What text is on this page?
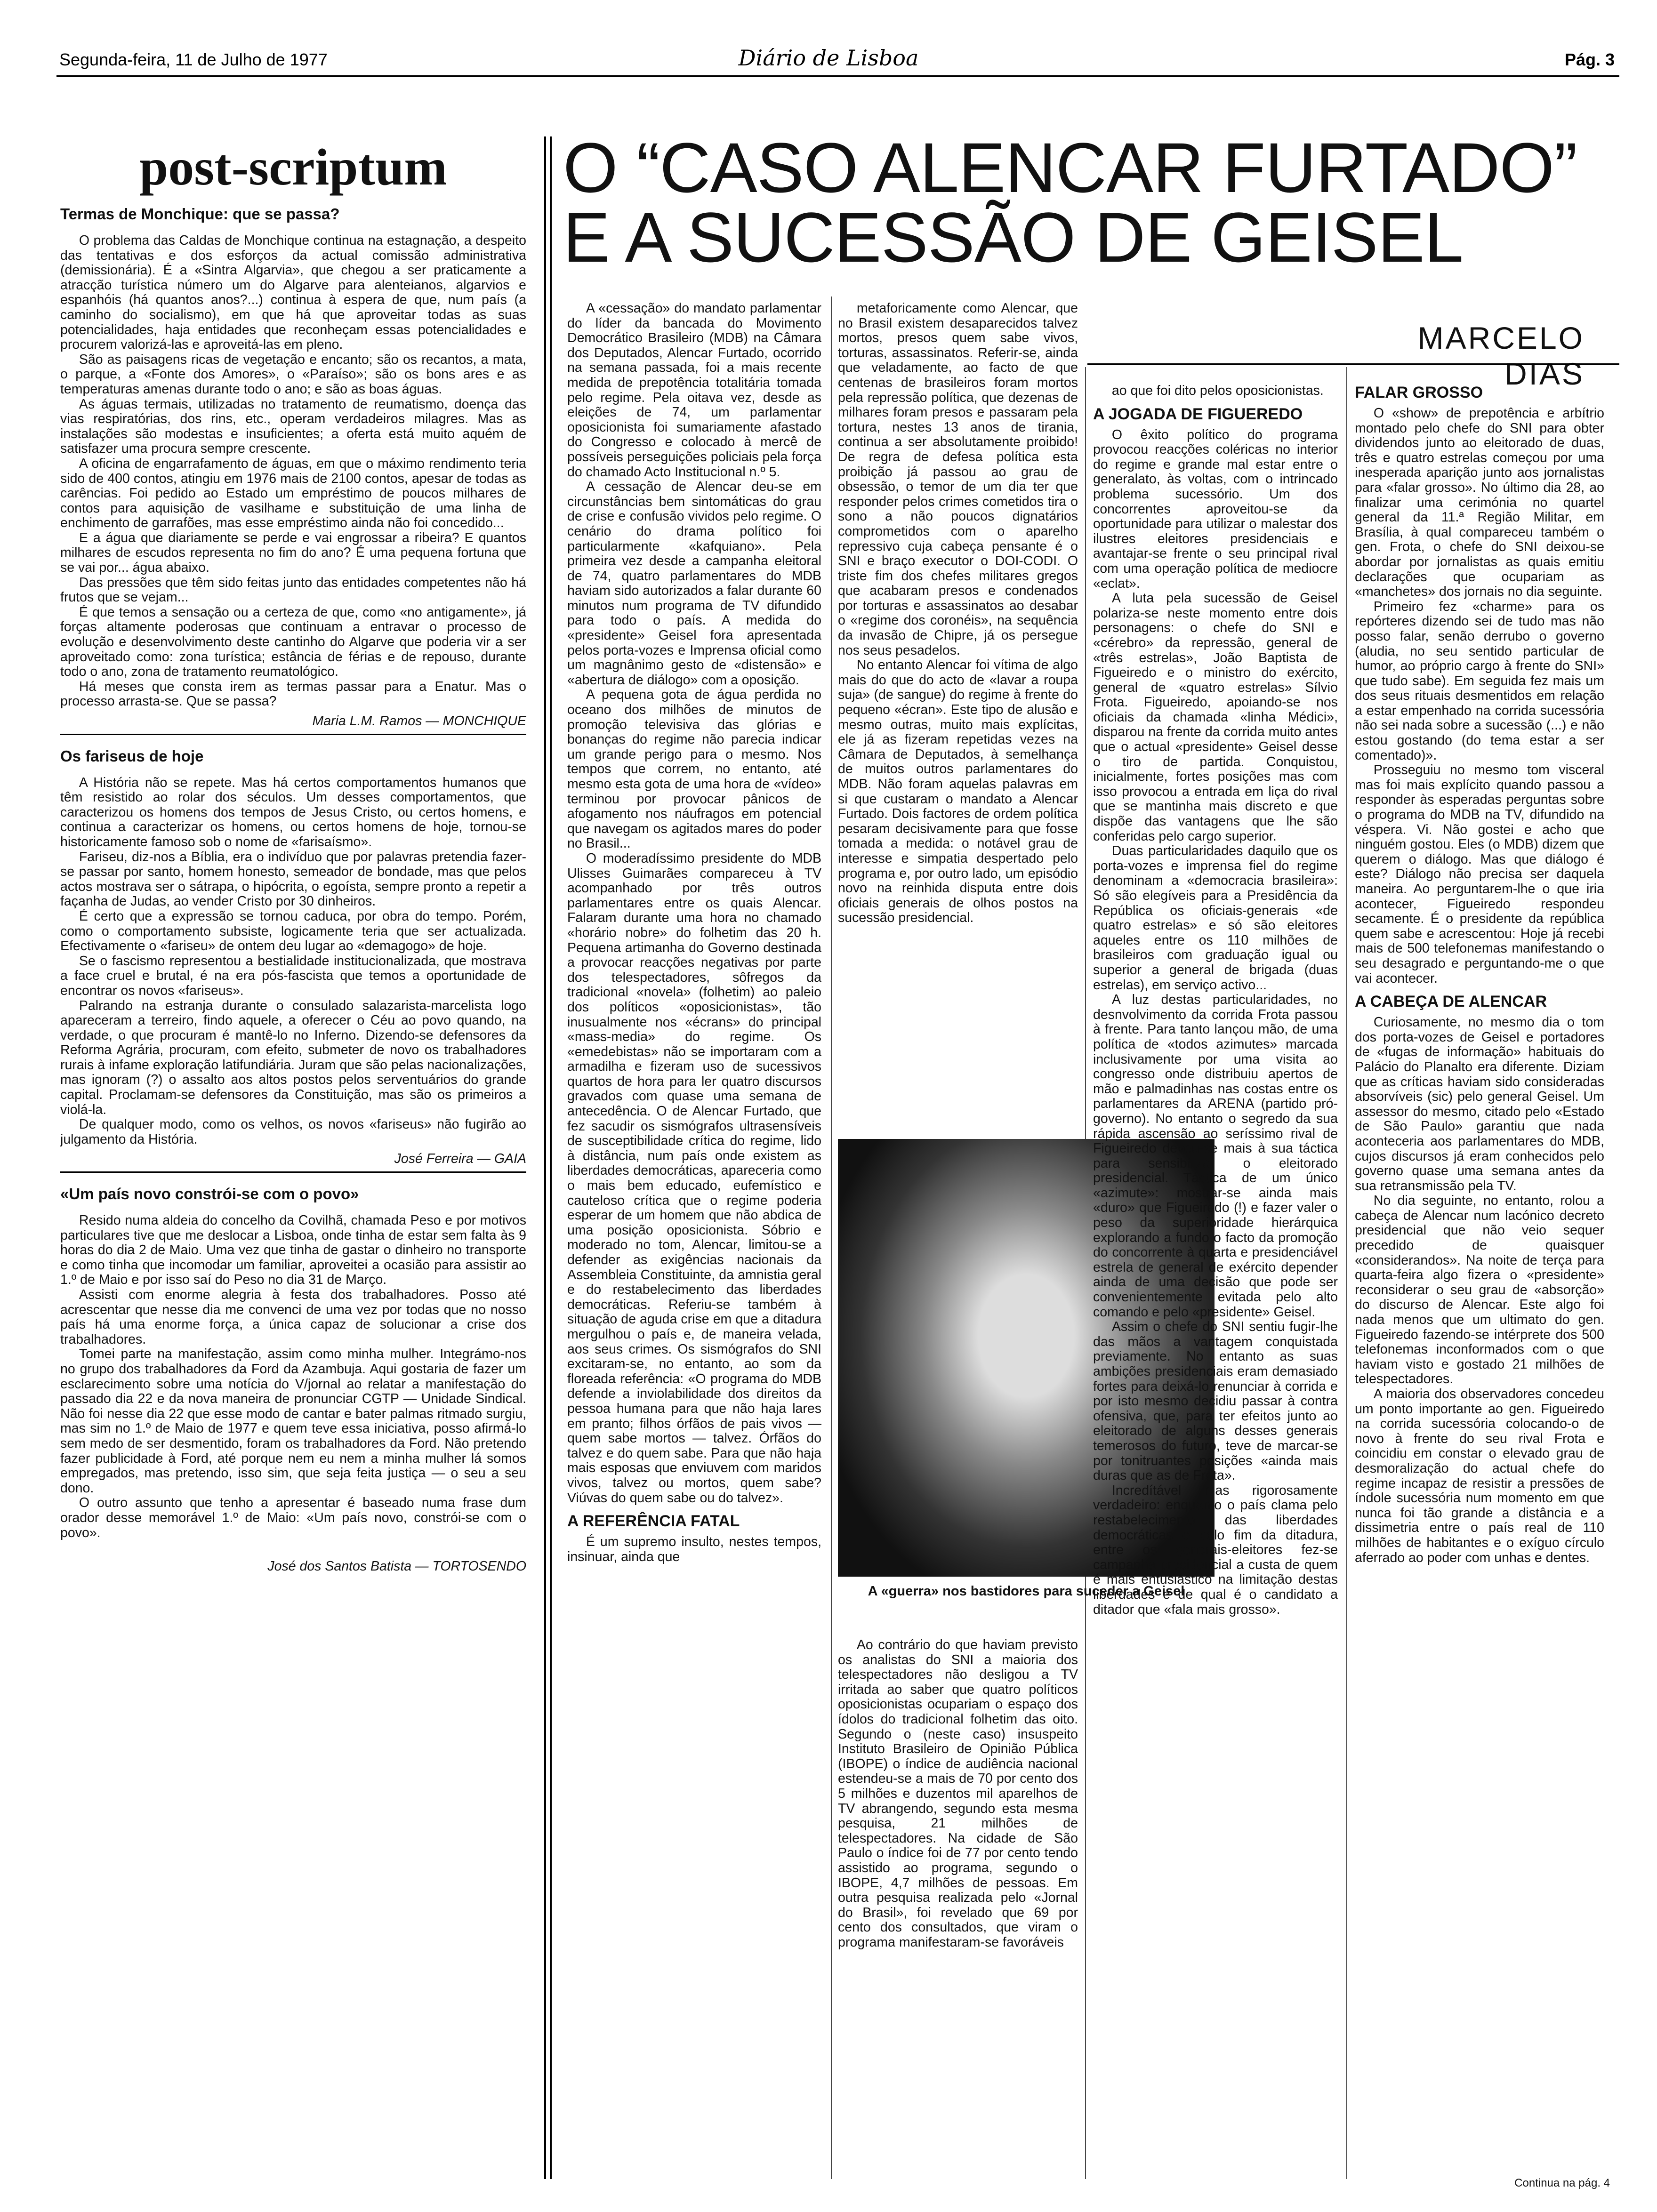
Segunda-feira, 11 de Julho de 1977	Diário de Lisboa	Pág. 3
post-scriptum
Termas de Monchique: que se passa?

O problema das Caldas de Monchique continua na estagnação, a despeito das tentativas e dos esforços da actual comissão administrativa (demissionária). É a «Sintra Algarvia», que chegou a ser praticamente a atracção turística número um do Algarve para alenteianos, algarvios e espanhóis (há quantos anos?...) continua à espera de que, num país (a caminho do socialismo), em que há que aproveitar todas as suas potencialidades, haja entidades que reconheçam essas potencialidades e procurem valorizá-las e aproveitá-las em pleno.

São as paisagens ricas de vegetação e encanto; são os recantos, a mata, o parque, a «Fonte dos Amores», o «Paraíso»; são os bons ares e as temperaturas amenas durante todo o ano; e são as boas águas.

As águas termais, utilizadas no tratamento de reumatismo, doença das vias respiratórias, dos rins, etc., operam verdadeiros milagres. Mas as instalações são modestas e insuficientes; a oferta está muito aquém de satisfazer uma procura sempre crescente.

A oficina de engarrafamento de águas, em que o máximo rendimento teria sido de 400 contos, atingiu em 1976 mais de 2100 contos, apesar de todas as carências. Foi pedido ao Estado um empréstimo de poucos milhares de contos para aquisição de vasilhame e substituição de uma linha de enchimento de garrafões, mas esse empréstimo ainda não foi concedido...

E a água que diariamente se perde e vai engrossar a ribeira? E quantos milhares de escudos representa no fim do ano? É uma pequena fortuna que se vai por... água abaixo.

Das pressões que têm sido feitas junto das entidades competentes não há frutos que se vejam...

É que temos a sensação ou a certeza de que, como «no antigamente», já forças altamente poderosas que continuam a entravar o processo de evolução e desenvolvimento deste cantinho do Algarve que poderia vir a ser aproveitado como: zona turística; estância de férias e de repouso, durante todo o ano, zona de tratamento reumatológico.

Há meses que consta irem as termas passar para a Enatur. Mas o processo arrasta-se. Que se passa?

Maria L.M. Ramos — MONCHIQUE
Os fariseus de hoje

A História não se repete. Mas há certos comportamentos humanos que têm resistido ao rolar dos séculos. Um desses comportamentos, que caracterizou os homens dos tempos de Jesus Cristo, ou certos homens, e continua a caracterizar os homens, ou certos homens de hoje, tornou-se historicamente famoso sob o nome de «farisaísmo».

Fariseu, diz-nos a Bíblia, era o indivíduo que por palavras pretendia fazer-se passar por santo, homem honesto, semeador de bondade, mas que pelos actos mostrava ser o sátrapa, o hipócrita, o egoísta, sempre pronto a repetir a façanha de Judas, ao vender Cristo por 30 dinheiros.

É certo que a expressão se tornou caduca, por obra do tempo. Porém, como o comportamento subsiste, logicamente teria que ser actualizada. Efectivamente o «fariseu» de ontem deu lugar ao «demagogo» de hoje.

Se o fascismo representou a bestialidade institucionalizada, que mostrava a face cruel e brutal, é na era pós-fascista que temos a oportunidade de encontrar os novos «fariseus».

Palrando na estranja durante o consulado salazarista-marcelista logo apareceram a terreiro, findo aquele, a oferecer o Céu ao povo quando, na verdade, o que procuram é mantê-lo no Inferno. Dizendo-se defensores da Reforma Agrária, procuram, com efeito, submeter de novo os trabalhadores rurais à infame exploração latifundiária. Juram que são pelas nacionalizações, mas ignoram (?) o assalto aos altos postos pelos serventuários do grande capital. Proclamam-se defensores da Constituição, mas são os primeiros a violá-la.

De qualquer modo, como os velhos, os novos «fariseus» não fugirão ao julgamento da História.

José Ferreira — GAIA
«Um país novo constrói-se com o povo»

Resido numa aldeia do concelho da Covilhã, chamada Peso e por motivos particulares tive que me deslocar a Lisboa, onde tinha de estar sem falta às 9 horas do dia 2 de Maio. Uma vez que tinha de gastar o dinheiro no transporte e como tinha que incomodar um familiar, aproveitei a ocasião para assistir ao 1.º de Maio e por isso saí do Peso no dia 31 de Março.

Assisti com enorme alegria à festa dos trabalhadores. Posso até acrescentar que nesse dia me convenci de uma vez por todas que no nosso país há uma enorme força, a única capaz de solucionar a crise dos trabalhadores.

Tomei parte na manifestação, assim como minha mulher. Integrámo-nos no grupo dos trabalhadores da Ford da Azambuja. Aqui gostaria de fazer um esclarecimento sobre uma notícia do V/jornal ao relatar a manifestação do passado dia 22 e da nova maneira de pronunciar CGTP — Unidade Sindical. Não foi nesse dia 22 que esse modo de cantar e bater palmas ritmado surgiu, mas sim no 1.º de Maio de 1977 e quem teve essa iniciativa, posso afirmá-lo sem medo de ser desmentido, foram os trabalhadores da Ford. Não pretendo fazer publicidade à Ford, até porque nem eu nem a minha mulher lá somos empregados, mas pretendo, isso sim, que seja feita justiça — o seu a seu dono.

O outro assunto que tenho a apresentar é baseado numa frase dum orador desse memorável 1.º de Maio: «Um país novo, constrói-se com o povo».

José dos Santos Batista — TORTOSENDO
O “CASO ALENCAR FURTADO”
E A SUCESSÃO DE GEISEL
MARCELO DIAS

A «cessação» do mandato parlamentar do líder da bancada do Movimento Democrático Brasileiro (MDB) na Câmara dos Deputados, Alencar Furtado, ocorrido na semana passada, foi a mais recente medida de prepotência totalitária tomada pelo regime. Pela oitava vez, desde as eleições de 74, um parlamentar oposicionista foi sumariamente afastado do Congresso e colocado à mercê de possíveis perseguições policiais pela força do chamado Acto Institucional n.º 5.

A cessação de Alencar deu-se em circunstâncias bem sintomáticas do grau de crise e confusão vividos pelo regime. O cenário do drama político foi particularmente «kafquiano». Pela primeira vez desde a campanha eleitoral de 74, quatro parlamentares do MDB haviam sido autorizados a falar durante 60 minutos num programa de TV difundido para todo o país. A medida do «presidente» Geisel fora apresentada pelos porta-vozes e Imprensa oficial como um magnânimo gesto de «distensão» e «abertura de diálogo» com a oposição.

A pequena gota de água perdida no oceano dos milhões de minutos de promoção televisiva das glórias e bonanças do regime não parecia indicar um grande perigo para o mesmo. Nos tempos que correm, no entanto, até mesmo esta gota de uma hora de «vídeo» terminou por provocar pânicos de afogamento nos náufragos em potencial que navegam os agitados mares do poder no Brasil...

O moderadíssimo presidente do MDB Ulisses Guimarães compareceu à TV acompanhado por três outros parlamentares entre os quais Alencar. Falaram durante uma hora no chamado «horário nobre» do folhetim das 20 h. Pequena artimanha do Governo destinada a provocar reacções negativas por parte dos telespectadores, sôfregos da tradicional «novela» (folhetim) ao paleio dos políticos «oposicionistas», tão inusualmente nos «écrans» do principal «mass-media» do regime. Os «emedebistas» não se importaram com a armadilha e fizeram uso de sucessivos quartos de hora para ler quatro discursos gravados com quase uma semana de antecedência. O de Alencar Furtado, que fez sacudir os sismógrafos ultrasensíveis de susceptibilidade crítica do regime, lido à distância, num país onde existem as liberdades democráticas, apareceria como o mais bem educado, eufemístico e cauteloso crítica que o regime poderia esperar de um homem que não abdica de uma posição oposicionista. Sóbrio e moderado no tom, Alencar, limitou-se a defender as exigências nacionais da Assembleia Constituinte, da amnistia geral e do restabelecimento das liberdades democráticas. Referiu-se também à situação de aguda crise em que a ditadura mergulhou o país e, de maneira velada, aos seus crimes. Os sismógrafos do SNI excitaram-se, no entanto, ao som da floreada referência: «O programa do MDB defende a inviolabilidade dos direitos da pessoa humana para que não haja lares em pranto; filhos órfãos de pais vivos — quem sabe mortos — talvez. Órfãos do talvez e do quem sabe. Para que não haja mais esposas que enviuvem com maridos vivos, talvez ou mortos, quem sabe? Viúvas do quem sabe ou do talvez».

A REFERÊNCIA FATAL

É um supremo insulto, nestes tempos, insinuar, ainda que

metaforicamente como Alencar, que no Brasil existem desaparecidos talvez mortos, presos quem sabe vivos, torturas, assassinatos. Referir-se, ainda que veladamente, ao facto de que centenas de brasileiros foram mortos pela repressão política, que dezenas de milhares foram presos e passaram pela tortura, nestes 13 anos de tirania, continua a ser absolutamente proibido! De regra de defesa política esta proibição já passou ao grau de obsessão, o temor de um dia ter que responder pelos crimes cometidos tira o sono a não poucos dignatários comprometidos com o aparelho repressivo cuja cabeça pensante é o SNI e braço executor o DOI-CODI. O triste fim dos chefes militares gregos que acabaram presos e condenados por torturas e assassinatos ao desabar o «regime dos coronéis», na sequência da invasão de Chipre, já os persegue nos seus pesadelos.

No entanto Alencar foi vítima de algo mais do que do acto de «lavar a roupa suja» (de sangue) do regime à frente do pequeno «écran». Este tipo de alusão e mesmo outras, muito mais explícitas, ele já as fizeram repetidas vezes na Câmara de Deputados, à semelhança de muitos outros parlamentares do MDB. Não foram aquelas palavras em si que custaram o mandato a Alencar Furtado. Dois factores de ordem política pesaram decisivamente para que fosse tomada a medida: o notável grau de interesse e simpatia despertado pelo programa e, por outro lado, um episódio novo na reinhida disputa entre dois oficiais generais de olhos postos na sucessão presidencial.

A «guerra» nos bastidores para suceder a Geisel

Ao contrário do que haviam previsto os analistas do SNI a maioria dos telespectadores não desligou a TV irritada ao saber que quatro políticos oposicionistas ocupariam o espaço dos ídolos do tradicional folhetim das oito. Segundo o (neste caso) insuspeito Instituto Brasileiro de Opinião Pública (IBOPE) o índice de audiência nacional estendeu-se a mais de 70 por cento dos 5 milhões e duzentos mil aparelhos de TV abrangendo, segundo esta mesma pesquisa, 21 milhões de telespectadores. Na cidade de São Paulo o índice foi de 77 por cento tendo assistido ao programa, segundo o IBOPE, 4,7 milhões de pessoas. Em outra pesquisa realizada pelo «Jornal do Brasil», foi revelado que 69 por cento dos consultados, que viram o programa manifestaram-se favoráveis

ao que foi dito pelos oposicionistas.

A JOGADA DE FIGUEREDO

O êxito político do programa provocou reacções coléricas no interior do regime e grande mal estar entre o generalato, às voltas, com o intrincado problema sucessório. Um dos concorrentes aproveitou-se da oportunidade para utilizar o malestar dos ilustres eleitores presidenciais e avantajar-se frente o seu principal rival com uma operação política de mediocre «eclat».

A luta pela sucessão de Geisel polariza-se neste momento entre dois personagens: o chefe do SNI e «cérebro» da repressão, general de «três estrelas», João Baptista de Figueiredo e o ministro do exército, general de «quatro estrelas» Sílvio Frota. Figueiredo, apoiando-se nos oficiais da chamada «linha Médici», disparou na frente da corrida muito antes que o actual «presidente» Geisel desse o tiro de partida. Conquistou, inicialmente, fortes posições mas com isso provocou a entrada em liça do rival que se mantinha mais discreto e que dispõe das vantagens que lhe são conferidas pelo cargo superior.

Duas particularidades daquilo que os porta-vozes e imprensa fiel do regime denominam a «democracia brasileira»: Só são elegíveis para a Presidência da República os oficiais-generais «de quatro estrelas» e só são eleitores aqueles entre os 110 milhões de brasileiros com graduação igual ou superior a general de brigada (duas estrelas), em serviço activo...

A luz destas particularidades, no desnvolvimento da corrida Frota passou à frente. Para tanto lançou mão, de uma política de «todos azimutes» marcada inclusivamente por uma visita ao congresso onde distribuiu apertos de mão e palmadinhas nas costas entre os parlamentares da ARENA (partido pró-governo). No entanto o segredo da sua rápida ascensão ao seríssimo rival de Figueiredo deveu-se mais à sua táctica para sensibilizar o eleitorado presidencial. Táctica de um único «azimute»: mostrar-se ainda mais «duro» que Figueiredo (!) e fazer valer o peso da superioridade hierárquica explorando a fundo o facto da promoção do concorrente à quarta e presidenciável estrela de general de exército depender ainda de uma decisão que pode ser convenientemente evitada pelo alto comando e pelo «presidente» Geisel.

Assim o chefe do SNI sentiu fugir-lhe das mãos a vantagem conquistada previamente. No entanto as suas ambições presidenciais eram demasiado fortes para deixá-lo renunciar à corrida e por isto mesmo decidiu passar à contra ofensiva, que, para ter efeitos junto ao eleitorado de alguns desses generais temerosos do futuro, teve de marcar-se por tonitruantes posições «ainda mais duras que as de Frota».

Incredítável mas rigorosamente verdadeiro: enquanto o país clama pelo restabelecimento das liberdades democráticas e pelo fim da ditadura, entre os generais-eleitores fez-se campanha presidencial a custa de quem é mais entusiástico na limitação destas liberdades e de qual é o candidato a ditador que «fala mais grosso».

FALAR GROSSO

O «show» de prepotência e arbítrio montado pelo chefe do SNI para obter dividendos junto ao eleitorado de duas, três e quatro estrelas começou por uma inesperada aparição junto aos jornalistas para «falar grosso». No último dia 28, ao finalizar uma cerimónia no quartel general da 11.ª Região Militar, em Brasília, à qual compareceu também o gen. Frota, o chefe do SNI deixou-se abordar por jornalistas as quais emitiu declarações que ocupariam as «manchetes» dos jornais no dia seguinte.

Primeiro fez «charme» para os repórteres dizendo sei de tudo mas não posso falar, senão derrubo o governo (aludia, no seu sentido particular de humor, ao próprio cargo à frente do SNI» que tudo sabe). Em seguida fez mais um dos seus rituais desmentidos em relação a estar empenhado na corrida sucessória não sei nada sobre a sucessão (...) e não estou gostando (do tema estar a ser comentado)».

Prosseguiu no mesmo tom visceral mas foi mais explícito quando passou a responder às esperadas perguntas sobre o programa do MDB na TV, difundido na véspera. Vi. Não gostei e acho que ninguém gostou. Eles (o MDB) dizem que querem o diálogo. Mas que diálogo é este? Diálogo não precisa ser daquela maneira. Ao perguntarem-lhe o que iria acontecer, Figueiredo respondeu secamente. É o presidente da república quem sabe e acrescentou: Hoje já recebi mais de 500 telefonemas manifestando o seu desagrado e perguntando-me o que vai acontecer.

A CABEÇA DE ALENCAR

Curiosamente, no mesmo dia o tom dos porta-vozes de Geisel e portadores de «fugas de informação» habituais do Palácio do Planalto era diferente. Diziam que as críticas haviam sido consideradas absorvíveis (sic) pelo general Geisel. Um assessor do mesmo, citado pelo «Estado de São Paulo» garantiu que nada aconteceria aos parlamentares do MDB, cujos discursos já eram conhecidos pelo governo quase uma semana antes da sua retransmissão pela TV.

No dia seguinte, no entanto, rolou a cabeça de Alencar num lacónico decreto presidencial que não veio sequer precedido de quaisquer «considerandos». Na noite de terça para quarta-feira algo fizera o «presidente» reconsiderar o seu grau de «absorção» do discurso de Alencar. Este algo foi nada menos que um ultimato do gen. Figueiredo fazendo-se intérprete dos 500 telefonemas inconformados com o que haviam visto e gostado 21 milhões de telespectadores.

A maioria dos observadores concedeu um ponto importante ao gen. Figueiredo na corrida sucessória colocando-o de novo à frente do seu rival Frota e coincidiu em constar o elevado grau de desmoralização do actual chefe do regime incapaz de resistir a pressões de índole sucessória num momento em que nunca foi tão grande a distância e a dissimetria entre o país real de 110 milhões de habitantes e o exíguo círculo aferrado ao poder com unhas e dentes.

Continua na pág. 4
